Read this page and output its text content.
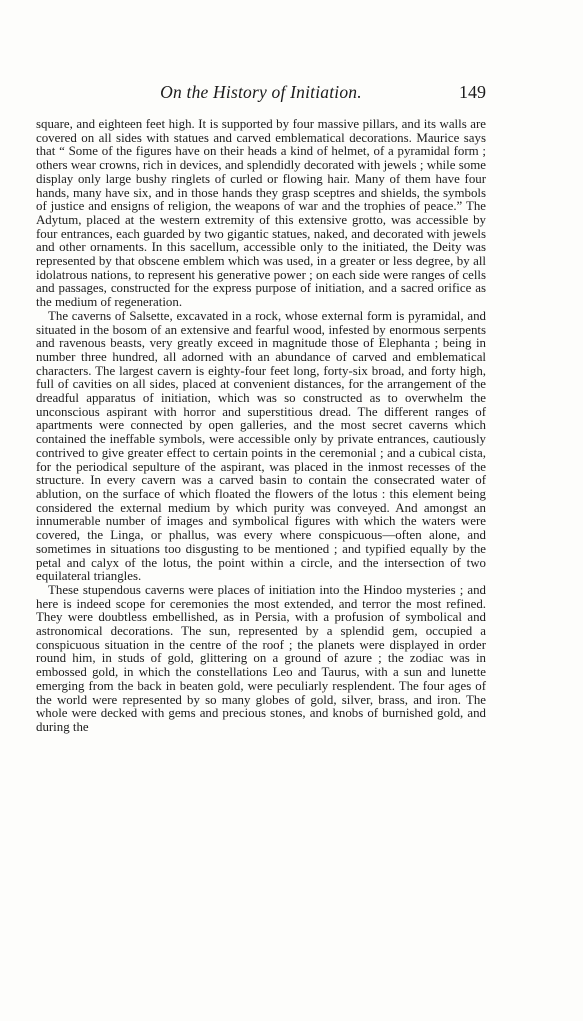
On the History of Initiation.	149

square, and eighteen feet high. It is supported by four massive pillars, and its walls are covered on all sides with statues and carved emblematical decorations. Maurice says that “ Some of the figures have on their heads a kind of helmet, of a pyramidal form ; others wear crowns, rich in devices, and splendidly decorated with jewels ; while some display only large bushy ringlets of curled or flowing hair. Many of them have four hands, many have six, and in those hands they grasp sceptres and shields, the symbols of justice and ensigns of religion, the weapons of war and the trophies of peace.” The Adytum, placed at the western extremity of this extensive grotto, was accessible by four entrances, each guarded by two gigantic statues, naked, and decorated with jewels and other ornaments. In this sacellum, accessible only to the initiated, the Deity was represented by that obscene emblem which was used, in a greater or less degree, by all idolatrous nations, to represent his generative power ; on each side were ranges of cells and passages, constructed for the express purpose of initiation, and a sacred orifice as the medium of regeneration.

The caverns of Salsette, excavated in a rock, whose external form is pyramidal, and situated in the bosom of an extensive and fearful wood, infested by enormous serpents and ravenous beasts, very greatly exceed in magnitude those of Elephanta ; being in number three hundred, all adorned with an abundance of carved and emblematical characters. The largest cavern is eighty-four feet long, forty-six broad, and forty high, full of cavities on all sides, placed at convenient distances, for the arrangement of the dreadful apparatus of initiation, which was so constructed as to overwhelm the unconscious aspirant with horror and superstitious dread. The different ranges of apartments were connected by open galleries, and the most secret caverns which contained the ineffable symbols, were accessible only by private entrances, cautiously contrived to give greater effect to certain points in the ceremonial ; and a cubical cista, for the periodical sepulture of the aspirant, was placed in the inmost recesses of the structure. In every cavern was a carved basin to contain the consecrated water of ablution, on the surface of which floated the flowers of the lotus : this element being considered the external medium by which purity was conveyed. And amongst an innumerable number of images and symbolical figures with which the waters were covered, the Linga, or phallus, was every where conspicuous—often alone, and sometimes in situations too disgusting to be mentioned ; and typified equally by the petal and calyx of the lotus, the point within a circle, and the intersection of two equilateral triangles.

These stupendous caverns were places of initiation into the Hindoo mysteries ; and here is indeed scope for ceremonies the most extended, and terror the most refined. They were doubtless embellished, as in Persia, with a profusion of symbolical and astronomical decorations. The sun, represented by a splendid gem, occupied a conspicuous situation in the centre of the roof ; the planets were displayed in order round him, in studs of gold, glittering on a ground of azure ; the zodiac was in embossed gold, in which the constellations Leo and Taurus, with a sun and lunette emerging from the back in beaten gold, were peculiarly resplendent. The four ages of the world were represented by so many globes of gold, silver, brass, and iron. The whole were decked with gems and precious stones, and knobs of burnished gold, and during the
